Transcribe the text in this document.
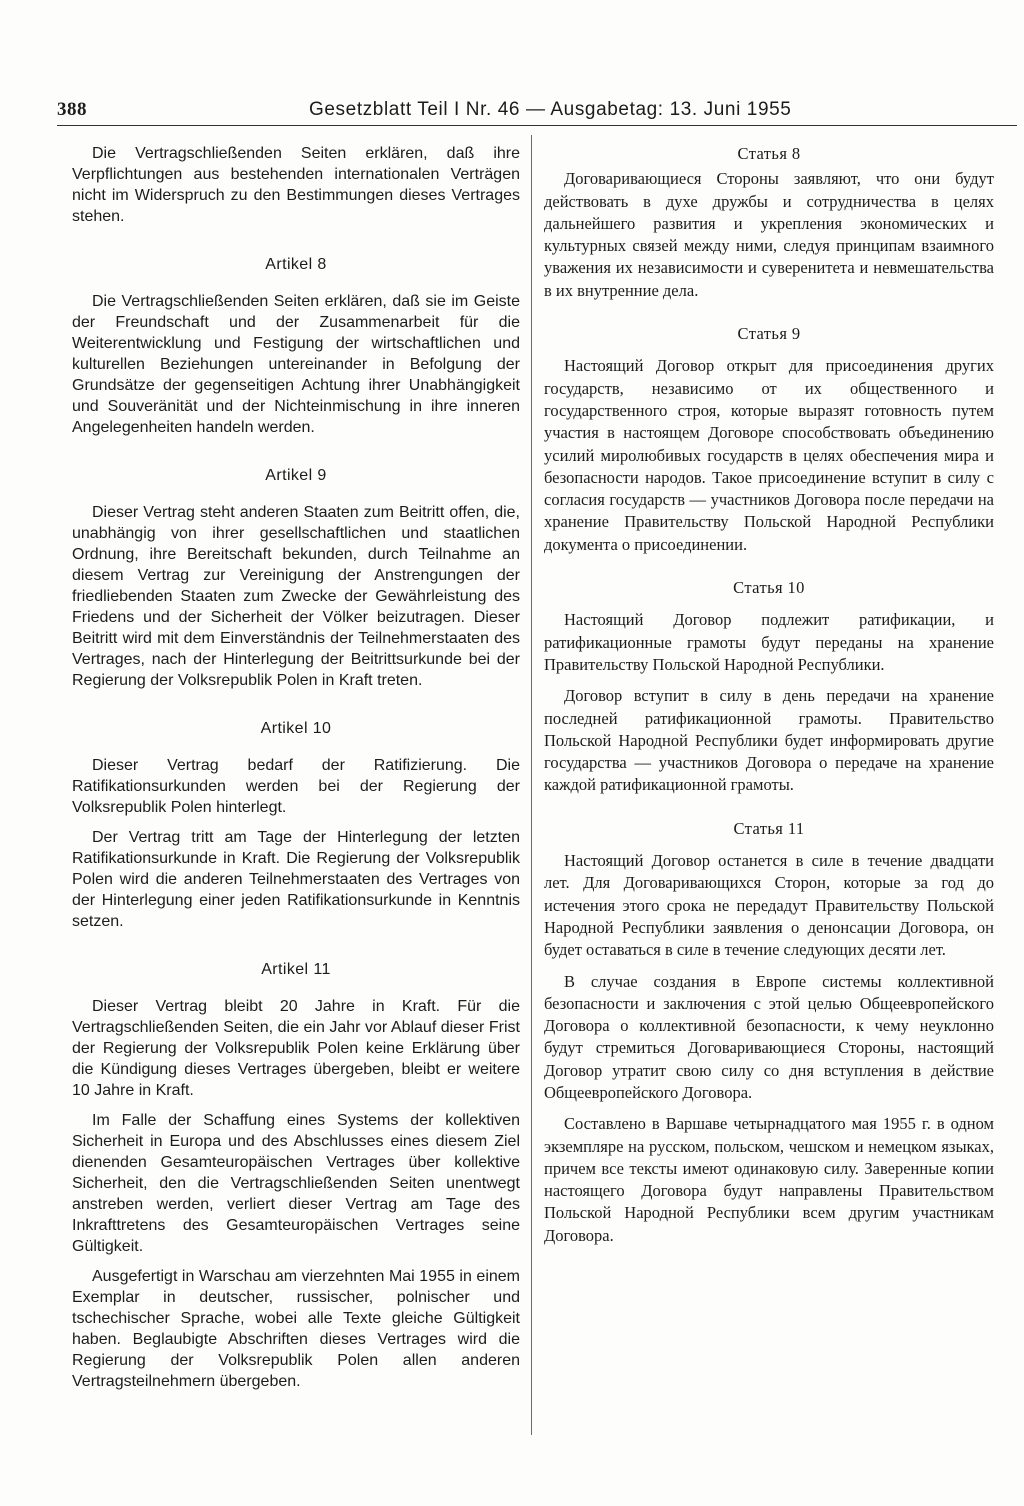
388	Gesetzblatt Teil I Nr. 46 — Ausgabetag: 13. Juni 1955

Die Vertragschließenden Seiten erklären, daß ihre Verpflichtungen aus bestehenden internationalen Verträgen nicht im Widerspruch zu den Bestimmungen dieses Vertrages stehen.

Artikel 8

Die Vertragschließenden Seiten erklären, daß sie im Geiste der Freundschaft und der Zusammenarbeit für die Weiterentwicklung und Festigung der wirtschaftlichen und kulturellen Beziehungen untereinander in Befolgung der Grundsätze der gegenseitigen Achtung ihrer Unabhängigkeit und Souveränität und der Nichteinmischung in ihre inneren Angelegenheiten handeln werden.

Artikel 9

Dieser Vertrag steht anderen Staaten zum Beitritt offen, die, unabhängig von ihrer gesellschaftlichen und staatlichen Ordnung, ihre Bereitschaft bekunden, durch Teilnahme an diesem Vertrag zur Vereinigung der Anstrengungen der friedliebenden Staaten zum Zwecke der Gewährleistung des Friedens und der Sicherheit der Völker beizutragen. Dieser Beitritt wird mit dem Einverständnis der Teilnehmerstaaten des Vertrages, nach der Hinterlegung der Beitrittsurkunde bei der Regierung der Volksrepublik Polen in Kraft treten.

Artikel 10

Dieser Vertrag bedarf der Ratifizierung. Die Ratifikationsurkunden werden bei der Regierung der Volksrepublik Polen hinterlegt.

Der Vertrag tritt am Tage der Hinterlegung der letzten Ratifikationsurkunde in Kraft. Die Regierung der Volksrepublik Polen wird die anderen Teilnehmerstaaten des Vertrages von der Hinterlegung einer jeden Ratifikationsurkunde in Kenntnis setzen.

Artikel 11

Dieser Vertrag bleibt 20 Jahre in Kraft. Für die Vertragschließenden Seiten, die ein Jahr vor Ablauf dieser Frist der Regierung der Volksrepublik Polen keine Erklärung über die Kündigung dieses Vertrages übergeben, bleibt er weitere 10 Jahre in Kraft.

Im Falle der Schaffung eines Systems der kollektiven Sicherheit in Europa und des Abschlusses eines diesem Ziel dienenden Gesamteuropäischen Vertrages über kollektive Sicherheit, den die Vertragschließenden Seiten unentwegt anstreben werden, verliert dieser Vertrag am Tage des Inkrafttretens des Gesamteuropäischen Vertrages seine Gültigkeit.

Ausgefertigt in Warschau am vierzehnten Mai 1955 in einem Exemplar in deutscher, russischer, polnischer und tschechischer Sprache, wobei alle Texte gleiche Gültigkeit haben. Beglaubigte Abschriften dieses Vertrages wird die Regierung der Volksrepublik Polen allen anderen Vertragsteilnehmern übergeben.

Статья 8

Договаривающиеся Стороны заявляют, что они будут действовать в духе дружбы и сотрудничества в целях дальнейшего развития и укрепления экономических и культурных связей между ними, следуя принципам взаимного уважения их независимости и суверенитета и невмешательства в их внутренние дела.

Статья 9

Настоящий Договор открыт для присоединения других государств, независимо от их общественного и государственного строя, которые выразят готовность путем участия в настоящем Договоре способствовать объединению усилий миролюбивых государств в целях обеспечения мира и безопасности народов. Такое присоединение вступит в силу с согласия государств — участников Договора после передачи на хранение Правительству Польской Народной Республики документа о присоединении.

Статья 10

Настоящий Договор подлежит ратификации, и ратификационные грамоты будут переданы на хранение Правительству Польской Народной Республики.

Договор вступит в силу в день передачи на хранение последней ратификационной грамоты. Правительство Польской Народной Республики будет информировать другие государства — участников Договора о передаче на хранение каждой ратификационной грамоты.

Статья 11

Настоящий Договор останется в силе в течение двадцати лет. Для Договаривающихся Сторон, которые за год до истечения этого срока не передадут Правительству Польской Народной Республики заявления о денонсации Договора, он будет оставаться в силе в течение следующих десяти лет.

В случае создания в Европе системы коллективной безопасности и заключения с этой целью Общеевропейского Договора о коллективной безопасности, к чему неуклонно будут стремиться Договаривающиеся Стороны, настоящий Договор утратит свою силу со дня вступления в действие Общеевропейского Договора.

Составлено в Варшаве четырнадцатого мая 1955 г. в одном экземпляре на русском, польском, чешском и немецком языках, причем все тексты имеют одинаковую силу. Заверенные копии настоящего Договора будут направлены Правительством Польской Народной Республики всем другим участникам Договора.
